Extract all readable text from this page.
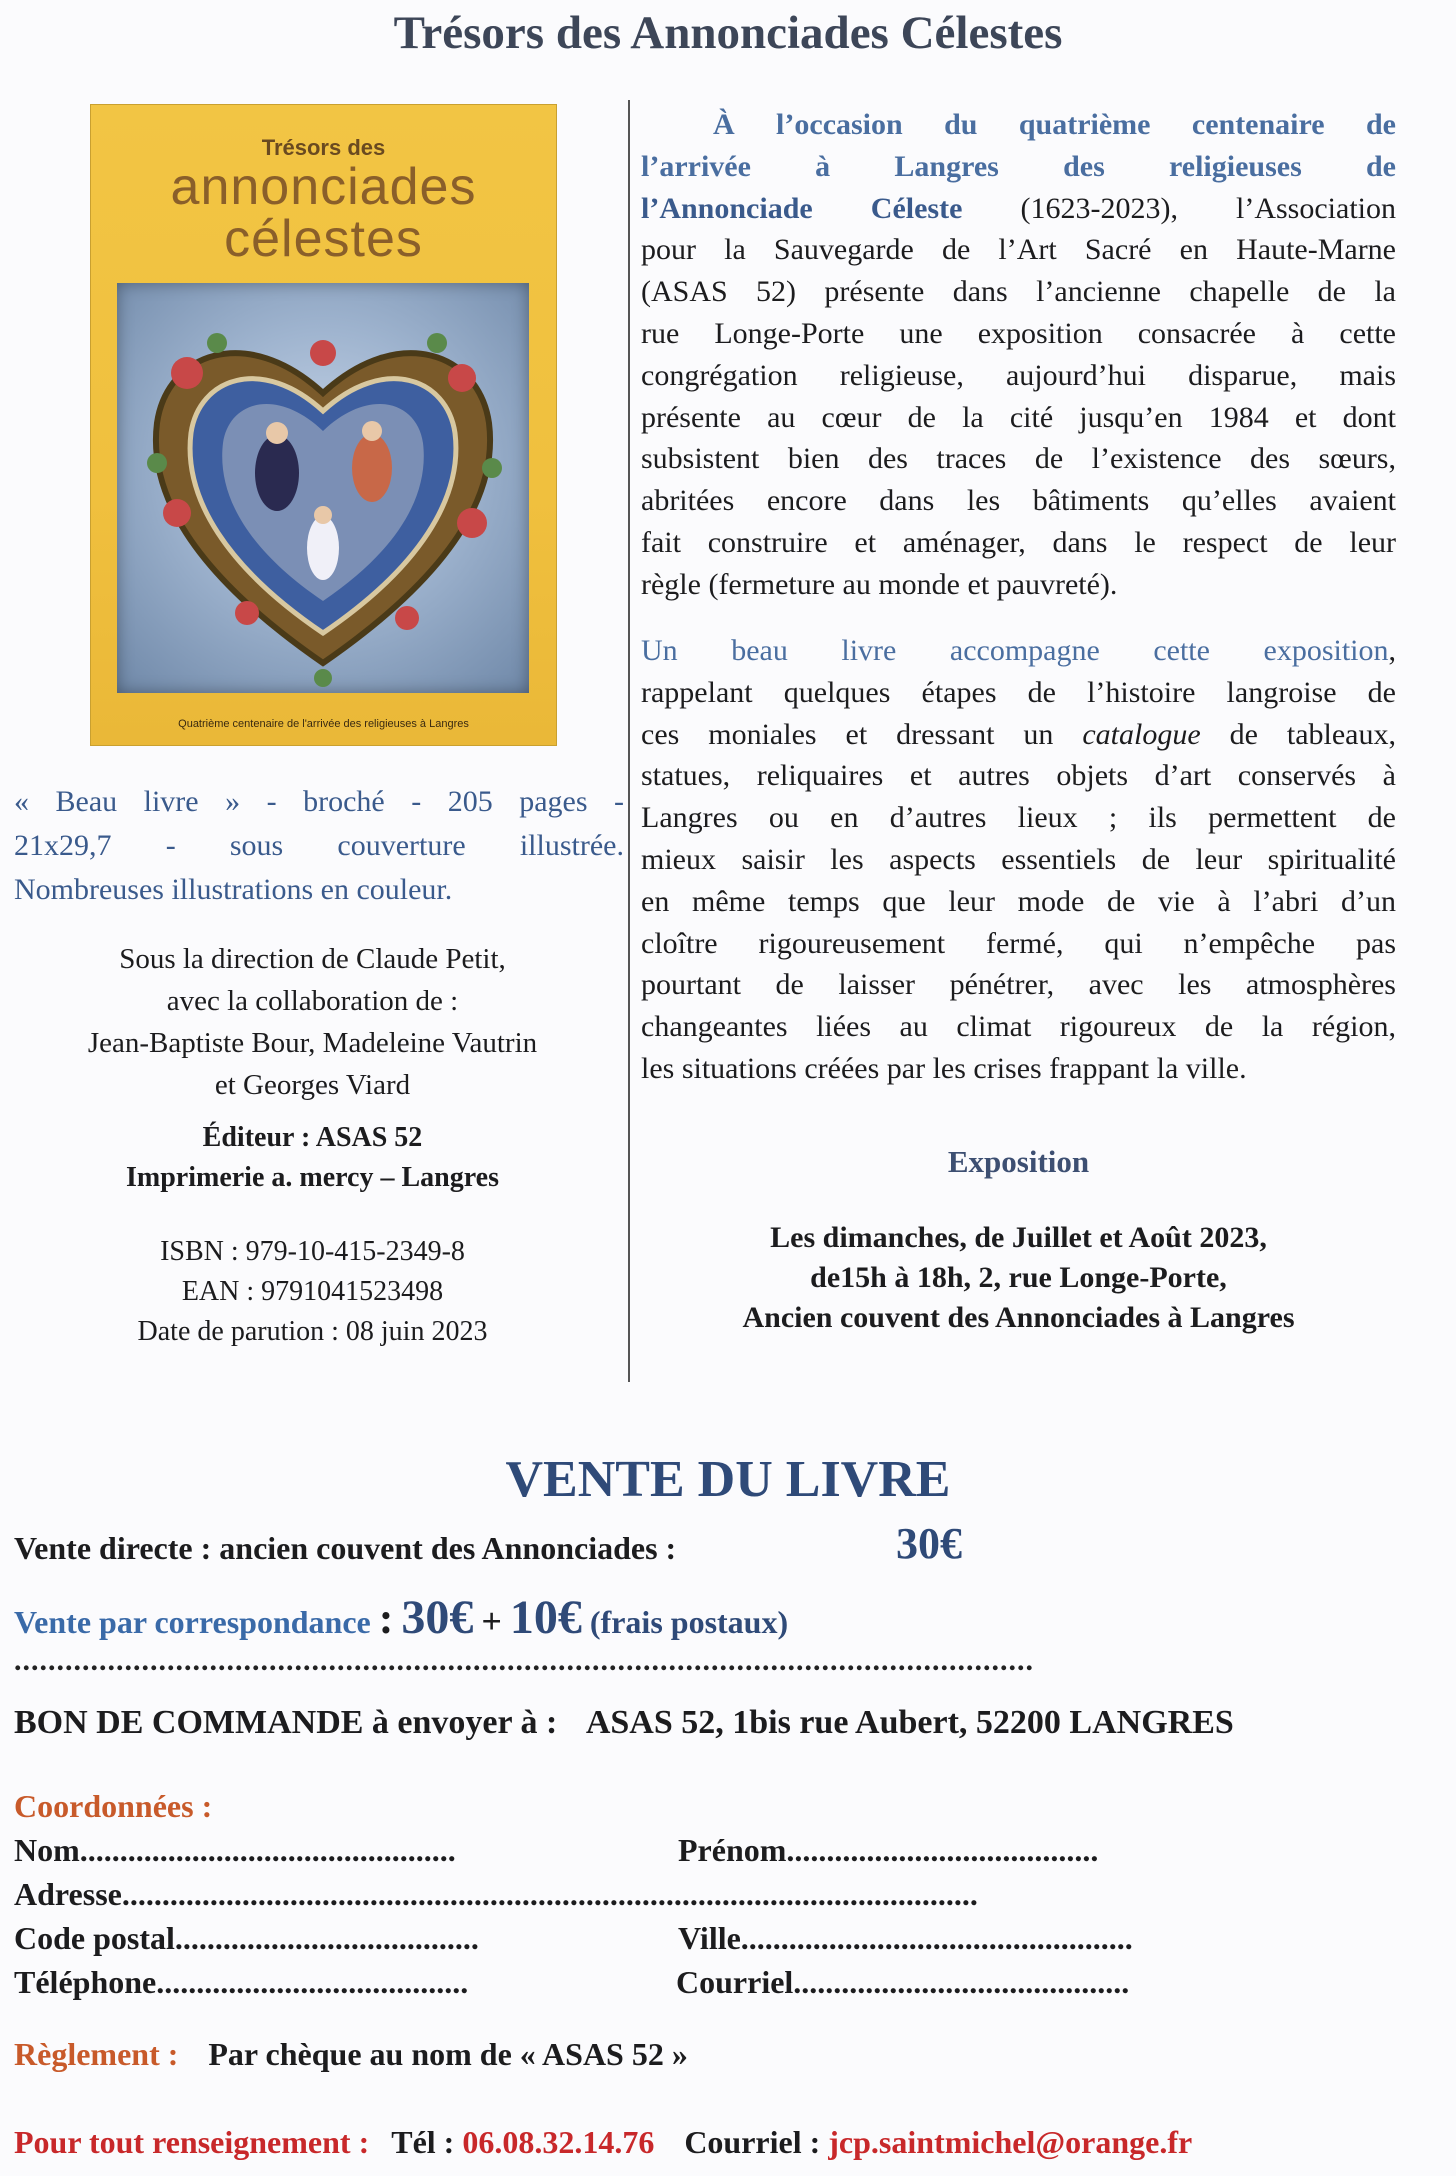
Trésors des Annonciades Célestes
Trésors des
annonciades
célestes
Quatrième centenaire de l'arrivée des religieuses à Langres
« Beau livre » - broché - 205 pages -
21x29,7 - sous couverture illustrée.
Nombreuses illustrations en couleur.
Sous la direction de Claude Petit,
avec la collaboration de :
Jean-Baptiste Bour, Madeleine Vautrin
et Georges Viard
Éditeur : ASAS 52
Imprimerie a. mercy – Langres
ISBN : 979-10-415-2349-8
EAN : 9791041523498
Date de parution : 08 juin 2023
À l’occasion du quatrième centenaire de
l’arrivée à Langres des religieuses de
l’Annonciade Céleste (1623-2023), l’Association
pour la Sauvegarde de l’Art Sacré en Haute-Marne
(ASAS 52) présente dans l’ancienne chapelle de la
rue Longe-Porte une exposition consacrée à cette
congrégation religieuse, aujourd’hui disparue, mais
présente au cœur de la cité jusqu’en 1984 et dont
subsistent bien des traces de l’existence des sœurs,
abritées encore dans les bâtiments qu’elles avaient
fait construire et aménager, dans le respect de leur
règle (fermeture au monde et pauvreté).
Un beau livre accompagne cette exposition,
rappelant quelques étapes de l’histoire langroise de
ces moniales et dressant un catalogue de tableaux,
statues, reliquaires et autres objets d’art conservés à
Langres ou en d’autres lieux ; ils permettent de
mieux saisir les aspects essentiels de leur spiritualité
en même temps que leur mode de vie à l’abri d’un
cloître rigoureusement fermé, qui n’empêche pas
pourtant de laisser pénétrer, avec les atmosphères
changeantes liées au climat rigoureux de la région,
les situations créées par les crises frappant la ville.
Exposition
Les dimanches, de Juillet et Août 2023,
de15h à 18h, 2, rue Longe-Porte,
Ancien couvent des Annonciades à Langres
VENTE DU LIVRE
Vente directe : ancien couvent des Annonciades :	30€
Vente par correspondance : 30€ + 10€ (frais postaux)
........................................................................................................................
BON DE COMMANDE à envoyer à : ASAS 52, 1bis rue Aubert, 52200 LANGRES
Coordonnées :
Nom...............................................	Prénom.......................................
Adresse...........................................................................................................
Code postal......................................	Ville.................................................
Téléphone.......................................	Courriel..........................................
Règlement : Par chèque au nom de « ASAS 52 »
Pour tout renseignement : Tél : 06.08.32.14.76 Courriel : jcp.saintmichel@orange.fr
